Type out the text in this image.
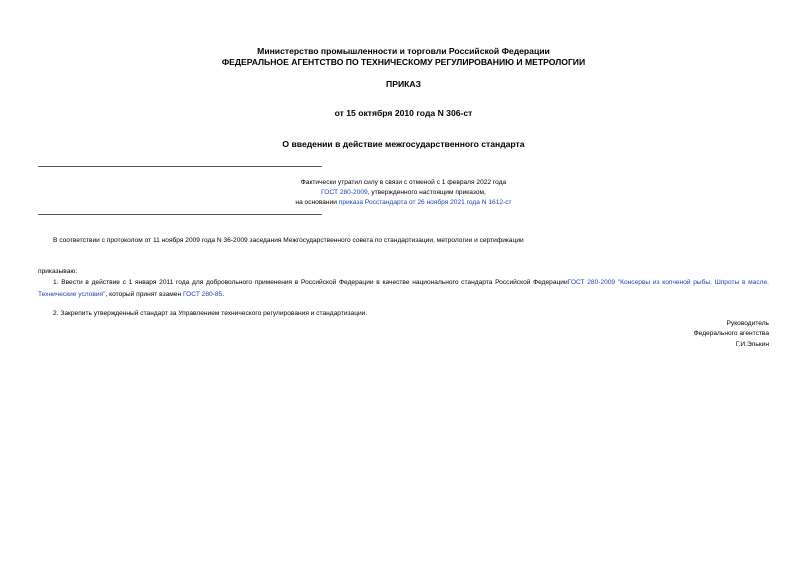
Министерство промышленности и торговли Российской Федерации
ФЕДЕРАЛЬНОЕ АГЕНТСТВО ПО ТЕХНИЧЕСКОМУ РЕГУЛИРОВАНИЮ И МЕТРОЛОГИИ
ПРИКАЗ
от 15 октября 2010 года N 306-ст
О введении в действие межгосударственного стандарта
Фактически утратил силу в связи с отменой с 1 февраля 2022 года
ГОСТ 280-2009, утвержденного настоящим приказом,
на основании приказа Росстандарта от 26 ноября 2021 года N 1612-ст
В соответствии с протоколом от 11 ноября 2009 года N 36-2009 заседания Межгосударственного совета по стандартизации, метрологии и сертификации
приказываю:
1. Ввести в действие с 1 января 2011 года для добровольного применения в Российской Федерации в качестве национального стандарта Российской ФедерацииГОСТ 280-2009 "Консервы из копченой рыбы. Шпроты в масле. Технические условия", который принят взамен ГОСТ 280-85.
2. Закрепить утвержденный стандарт за Управлением технического регулирования и стандартизации.
Руководитель
Федерального агентства
Г.И.Элькин
